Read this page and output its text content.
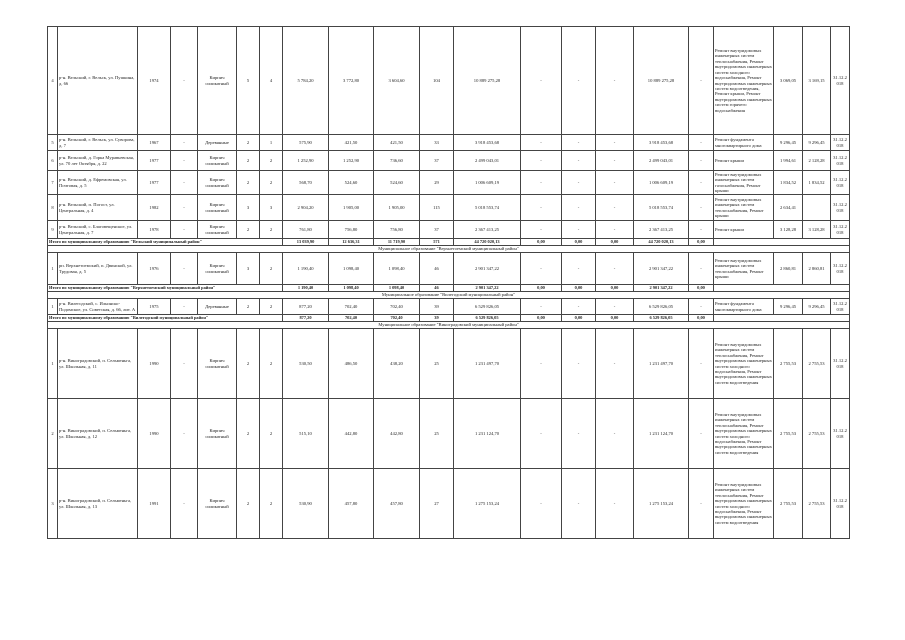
4	р-н. Вельский, г. Вельск, ул. Пушкина, д. 66	1974	-	Кирпич силикатный	5	4	5 784,20	3 772,80	3 604,60	104	10 889 275,28	-	-	-	10 889 275,28	-	Ремонт внутридомовых инженерных систем теплоснабжения, Ремонт внутридомовых инженерных систем холодного водоснабжения, Ремонт внутридомовых инженерных систем водоотведения, Ремонт крыши, Ремонт внутридомовых инженерных систем горячего водоснабжения	3 069,05	3 169,15	31.12.2018
5	р-н. Вельский, г. Вельск, ул. Суворова, д. 7	1967	-	Деревянные	2	1	575,90	421,50	421,50	33	3 918 453,68	-	-	-	3 918 453,68	-	Ремонт фундамента многоквартирного дома	9 296,45	9 296,45	31.12.2018
6	р-н. Вельский, д. Горка Муравьевская, ул. 70 лет Октября, д. 22	1977	-	Кирпич силикатный	2	2	1 252,90	1 252,90	736,60	37	2 499 043,01	-	-	-	2 499 043,01	-	Ремонт крыши	1 994,61	2 128,28	31.12.2018
7	р-н. Вельский, д. Ефремовская, ул. Почтовая, д. 5	1977	-	Кирпич силикатный	2	2	568,70	524,60	524,60	29	1 006 609,19	-	-	-	1 006 609,19	-	Ремонт внутридомовых инженерных систем газоснабжения, Ремонт крыши	1 834,52	1 834,52	31.12.2018
8	р-н. Вельский, п. Погост, ул. Центральная, д. 4	1982	-	Кирпич силикатный	3	3	2 904,20	1 905,00	1 905,00	115	5 018 553,74	-	-	-	5 018 553,74	-	Ремонт внутридомовых инженерных систем теплоснабжения, Ремонт крыши	2 634,41		31.12.2018
9	р-н. Вельский, с. Благовещенское, ул. Центральная, д. 7	1978	-	Кирпич силикатный	2	2	761,80	756,80	756,80	37	2 367 413,25	-	-	-	2 367 413,25	-	Ремонт крыши	3 128,28	3 128,28	31.12.2018
Итого по муниципальному образованию "Вельский муниципальный район"							13 039,90	12 636,31	11 719,90	571	44 720 020,13	0,00	0,00	0,00	44 720 020,13	0,00				
Муниципальное образование "Верхнетоемский муниципальный район"																				
1	рп. Верхнетоемский, п. Двинской, ул. Трудовая, д. 5	1976	-	Кирпич силикатный	3	2	1 190,40	1 098,40	1 098,40	46	2 901 347,22	-	-	-	2 901 347,22	-	Ремонт внутридомовых инженерных систем теплоснабжения, Ремонт крыши	2 860,81	2 860,81	31.12.2018
Итого по муниципальному образованию "Верхнетоемский муниципальный район"							1 190,40	1 098,40	1 098,40	46	2 901 347,22	0,00	0,00	0,00	2 901 347,22	0,00				
Муниципальное образование "Вилегодский муниципальный район"																				
1	р-н. Вилегодский, с. Ильинско-Подомское, ул. Советская, д. 66, лит. А	1975	-	Деревянные	2	2	877,20	702,40	702,40	39	6 529 826,05	-	-	-	6 529 826,05	-	Ремонт фундамента многоквартирного дома	9 296,45	9 296,45	31.12.2018
Итого по муниципальному образованию "Вилегодский муниципальный район"							877,20	702,40	702,40	39	6 529 826,05	0,00	0,00	0,00	6 529 826,05	0,00				
Муниципальное образование "Виноградовский муниципальный район"																				
1	р-н. Виноградовский, п. Сельменьга, ул. Школьная, д. 11	1990	-	Кирпич силикатный	2	2	530,50	486,50	438,20	25	1 231 497,70	-	-	-	1 231 497,70	-	Ремонт внутридомовых инженерных систем теплоснабжения, Ремонт внутридомовых инженерных систем холодного водоснабжения, Ремонт внутридомовых инженерных систем водоотведения	2 755,53	2 755,53	31.12.2018
2	р-н. Виноградовский, п. Сельменьга, ул. Школьная, д. 12	1990	-	Кирпич силикатный	2	2	515,10	442,80	442,80	25	1 231 124,70	-	-	-	1 231 124,70	-	Ремонт внутридомовых инженерных систем теплоснабжения, Ремонт внутридомовых инженерных систем холодного водоснабжения, Ремонт внутридомовых инженерных систем водоотведения	2 755,53	2 755,53	31.12.2018
3	р-н. Виноградовский, п. Сельменьга, ул. Школьная, д. 13	1991	-	Кирпич силикатный	2	2	530,90	457,80	457,80	27	1 275 153,24	-	-	-	1 275 153,24	-	Ремонт внутридомовых инженерных систем теплоснабжения, Ремонт внутридомовых инженерных систем холодного водоснабжения, Ремонт внутридомовых инженерных систем водоотведения	2 755,53	2 755,53	31.12.2018
